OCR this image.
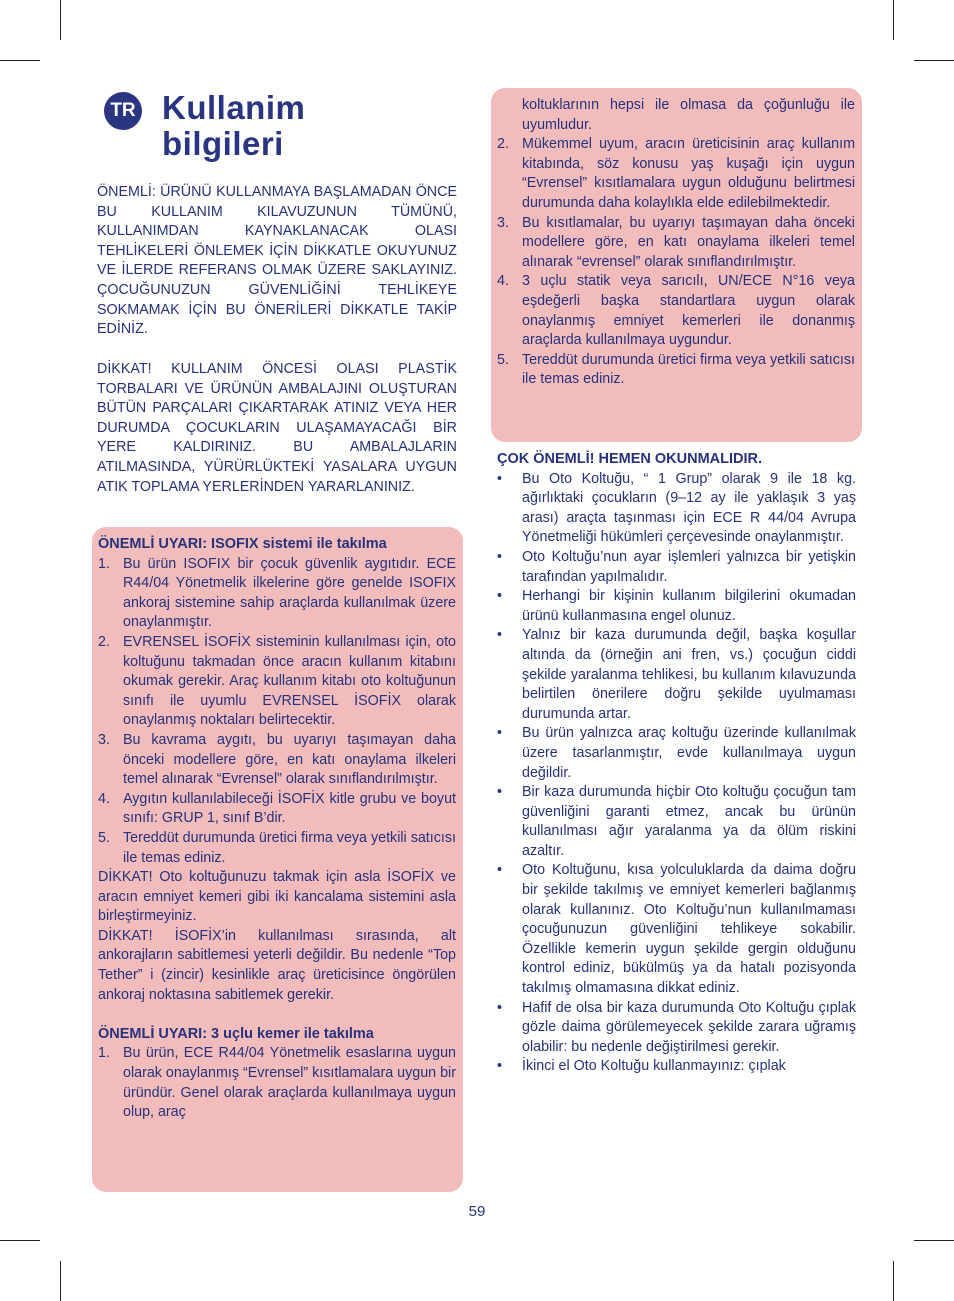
TR Kullanim
bilgileri

ÖNEMLİ: ÜRÜNÜ KULLANMAYA BAŞLAMADAN ÖNCE BU KULLANIM KILAVUZUNUN TÜMÜNÜ, KULLANIMDAN KAYNAKLANACAK OLASI TEHLİKELERİ ÖNLEMEK İÇİN DİKKATLE OKUYUNUZ VE İLERDE REFERANS OLMAK ÜZERE SAKLAYINIZ. ÇOCUĞUNUZUN GÜVENLİĞİNİ TEHLİKEYE SOKMAMAK İÇİN BU ÖNERİLERİ DİKKATLE TAKİP EDİNİZ.

DİKKAT! KULLANIM ÖNCESİ OLASI PLASTİK TORBALARI VE ÜRÜNÜN AMBALAJINI OLUŞTURAN BÜTÜN PARÇALARI ÇIKARTARAK ATINIZ VEYA HER DURUMDA ÇOCUKLARIN ULAŞAMAYACAĞI BİR YERE KALDIRINIZ. BU AMBALAJLARIN ATILMASINDA, YÜRÜRLÜKTEKİ YASALARA UYGUN ATIK TOPLAMA YERLERİNDEN YARARLANINIZ.

ÖNEMLİ UYARI: ISOFIX sistemi ile takılma
1. Bu ürün ISOFIX bir çocuk güvenlik aygıtıdır. ECE R44/04 Yönetmelik ilkelerine göre genelde ISOFIX ankoraj sistemine sahip araçlarda kullanılmak üzere onaylanmıştır.
2. EVRENSEL İSOFİX sisteminin kullanılması için, oto koltuğunu takmadan önce aracın kullanım kitabını okumak gerekir. Araç kullanım kitabı oto koltuğunun sınıfı ile uyumlu EVRENSEL İSOFİX olarak onaylanmış noktaları belirtecektir.
3. Bu kavrama aygıtı, bu uyarıyı taşımayan daha önceki modellere göre, en katı onaylama ilkeleri temel alınarak “Evrensel” olarak sınıflandırılmıştır.
4. Aygıtın kullanılabileceği İSOFİX kitle grubu ve boyut sınıfı: GRUP 1, sınıf B’dir.
5. Tereddüt durumunda üretici firma veya yetkili satıcısı ile temas ediniz.

DİKKAT! Oto koltuğunuzu takmak için asla İSOFİX ve aracın emniyet kemeri gibi iki kancalama sistemini asla birleştirmeyiniz.

DİKKAT! İSOFİX’in kullanılması sırasında, alt ankorajların sabitlemesi yeterli değildir. Bu nedenle “Top Tether” i (zincir) kesinlikle araç üreticisince öngörülen ankoraj noktasına sabitlemek gerekir.

ÖNEMLİ UYARI: 3 uçlu kemer ile takılma
1. Bu ürün, ECE R44/04 Yönetmelik esaslarına uygun olarak onaylanmış “Evrensel” kısıtlamalara uygun bir üründür. Genel olarak araçlarda kullanılmaya uygun olup, araç
koltuklarının hepsi ile olmasa da çoğunluğu ile uyumludur.
2. Mükemmel uyum, aracın üreticisinin araç kullanım kitabında, söz konusu yaş kuşağı için uygun “Evrensel” kısıtlamalara uygun olduğunu belirtmesi durumunda daha kolaylıkla elde edilebilmektedir.
3. Bu kısıtlamalar, bu uyarıyı taşımayan daha önceki modellere göre, en katı onaylama ilkeleri temel alınarak “evrensel” olarak sınıflandırılmıştır.
4. 3 uçlu statik veya sarıcılı, UN/ECE N°16 veya eşdeğerli başka standartlara uygun olarak onaylanmış emniyet kemerleri ile donanmış araçlarda kullanılmaya uygundur.
5. Tereddüt durumunda üretici firma veya yetkili satıcısı ile temas ediniz.
ÇOK ÖNEMLİ! HEMEN OKUNMALIDIR.
• Bu Oto Koltuğu, “ 1 Grup” olarak 9 ile 18 kg. ağırlıktaki çocukların (9–12 ay ile yaklaşık 3 yaş arası) araçta taşınması için ECE R 44/04 Avrupa Yönetmeliği hükümleri çerçevesinde onaylanmıştır.
• Oto Koltuğu’nun ayar işlemleri yalnızca bir yetişkin tarafından yapılmalıdır.
• Herhangi bir kişinin kullanım bilgilerini okumadan ürünü kullanmasına engel olunuz.
• Yalnız bir kaza durumunda değil, başka koşullar altında da (örneğin ani fren, vs.) çocuğun ciddi şekilde yaralanma tehlikesi, bu kullanım kılavuzunda belirtilen önerilere doğru şekilde uyulmaması durumunda artar.
• Bu ürün yalnızca araç koltuğu üzerinde kullanılmak üzere tasarlanmıştır, evde kullanılmaya uygun değildir.
• Bir kaza durumunda hiçbir Oto koltuğu çocuğun tam güvenliğini garanti etmez, ancak bu ürünün kullanılması ağır yaralanma ya da ölüm riskini azaltır.
• Oto Koltuğunu, kısa yolculuklarda da daima doğru bir şekilde takılmış ve emniyet kemerleri bağlanmış olarak kullanınız. Oto Koltuğu’nun kullanılmaması çocuğunuzun güvenliğini tehlikeye sokabilir. Özellikle kemerin uygun şekilde gergin olduğunu kontrol ediniz, bükülmüş ya da hatalı pozisyonda takılmış olmamasına dikkat ediniz.
• Hafif de olsa bir kaza durumunda Oto Koltuğu çıplak gözle daima görülemeyecek şekilde zarara uğramış olabilir: bu nedenle değiştirilmesi gerekir.
• İkinci el Oto Koltuğu kullanmayınız: çıplak
59
